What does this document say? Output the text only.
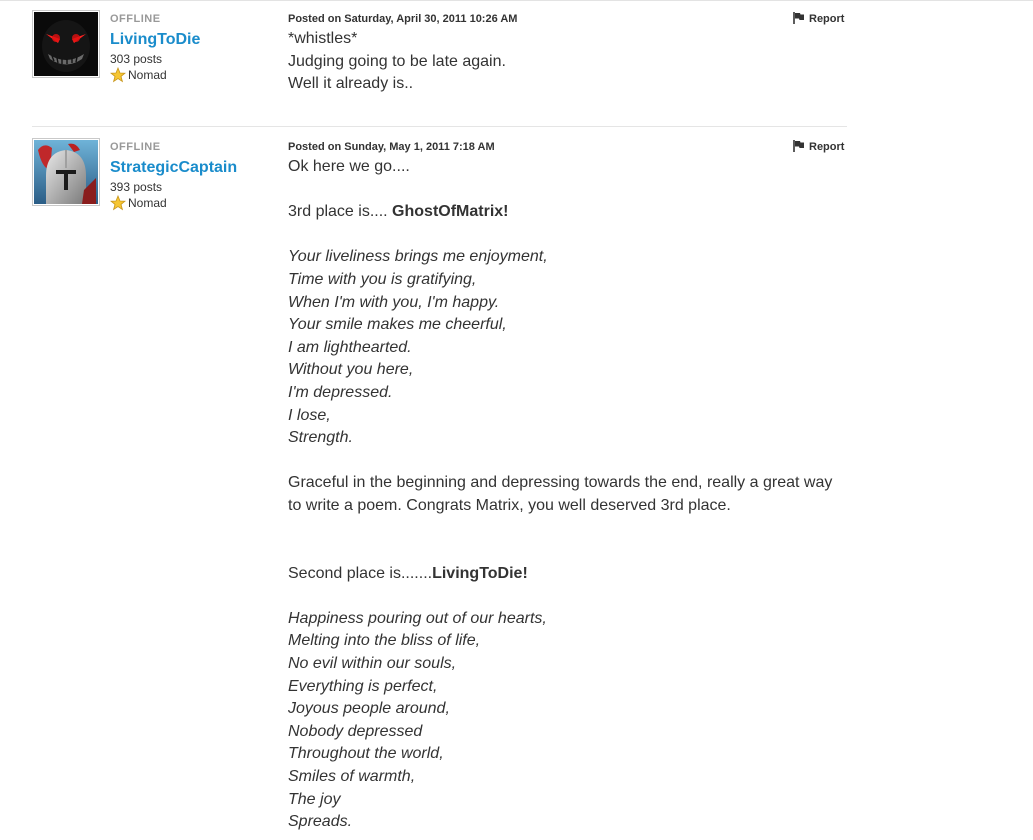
OFFLINE
LivingToDie
303 posts
Nomad
Posted on Saturday, April 30, 2011 10:26 AM	Report

*whistles*

Judging going to be late again.

Well it already is..

OFFLINE
StrategicCaptain
393 posts
Nomad
Posted on Sunday, May 1, 2011 7:18 AM	Report

Ok here we go....

3rd place is.... GhostOfMatrix!

Your liveliness brings me enjoyment,

Time with you is gratifying,

When I'm with you, I'm happy.

Your smile makes me cheerful,

I am lighthearted.

Without you here,

I'm depressed.

I lose,

Strength.

Graceful in the beginning and depressing towards the end, really a great way to write a poem. Congrats Matrix, you well deserved 3rd place.

Second place is.......LivingToDie!

Happiness pouring out of our hearts,

Melting into the bliss of life,

No evil within our souls,

Everything is perfect,

Joyous people around,

Nobody depressed

Throughout the world,

Smiles of warmth,

The joy

Spreads.
